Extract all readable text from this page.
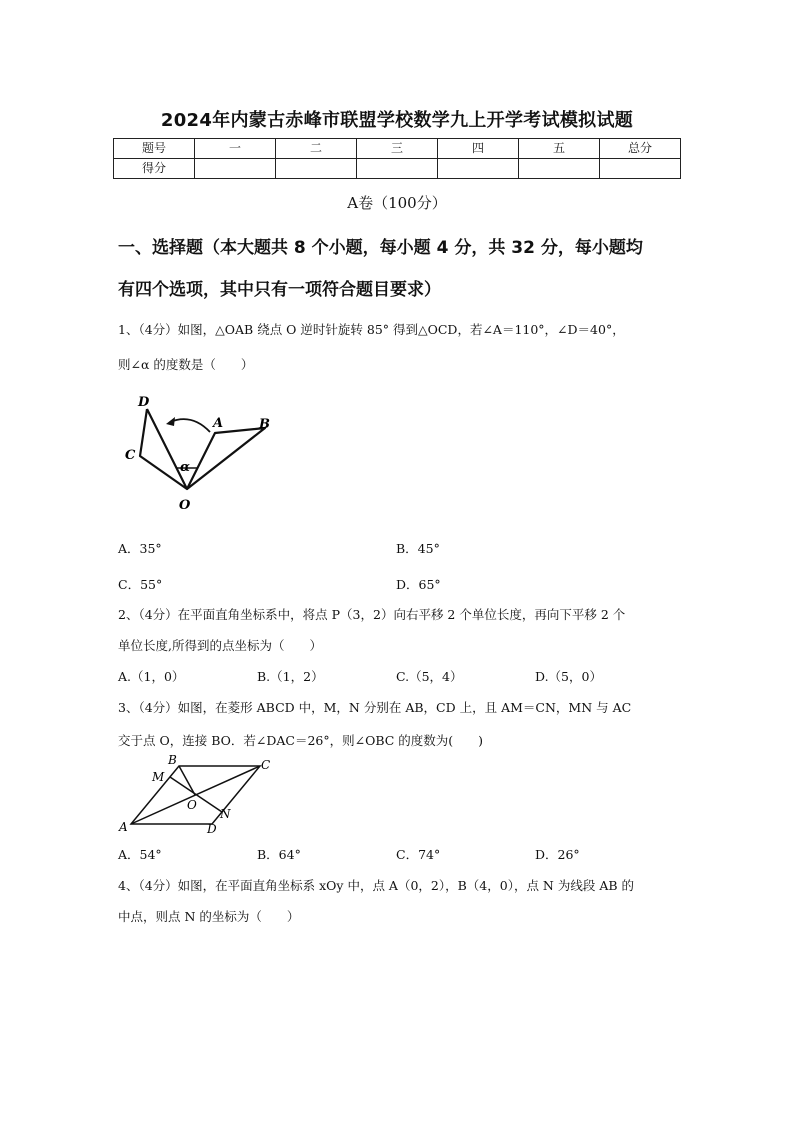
2024年内蒙古赤峰市联盟学校数学九上开学考试模拟试题
题号	一	二	三	四	五	总分
得分						
A卷（100分）
一、选择题（本大题共 8 个小题，每小题 4 分，共 32 分，每小题均
有四个选项，其中只有一项符合题目要求）
1、（4分）如图，△OAB 绕点 O 逆时针旋转 85° 得到△OCD，若∠A＝110°，∠D＝40°，
则∠α 的度数是（　　）
D
A	B
C
α
O
A．35°	B．45°
C．55°	D．65°
2、（4分）在平面直角坐标系中，将点 P（3，2）向右平移 2 个单位长度，再向下平移 2 个
单位长度,所得到的点坐标为（　　）
A.（1，0）	B.（1，2）	C.（5，4）	D.（5，0）
3、（4分）如图，在菱形 ABCD 中，M，N 分别在 AB，CD 上，且 AM＝CN，MN 与 AC
交于点 O，连接 BO．若∠DAC＝26°，则∠OBC 的度数为(　　)
B	C
M
O
N
A	D
A．54°	B．64°	C．74°	D．26°
4、（4分）如图，在平面直角坐标系 xOy 中，点 A（0，2），B（4，0），点 N 为线段 AB 的
中点，则点 N 的坐标为（　　）
